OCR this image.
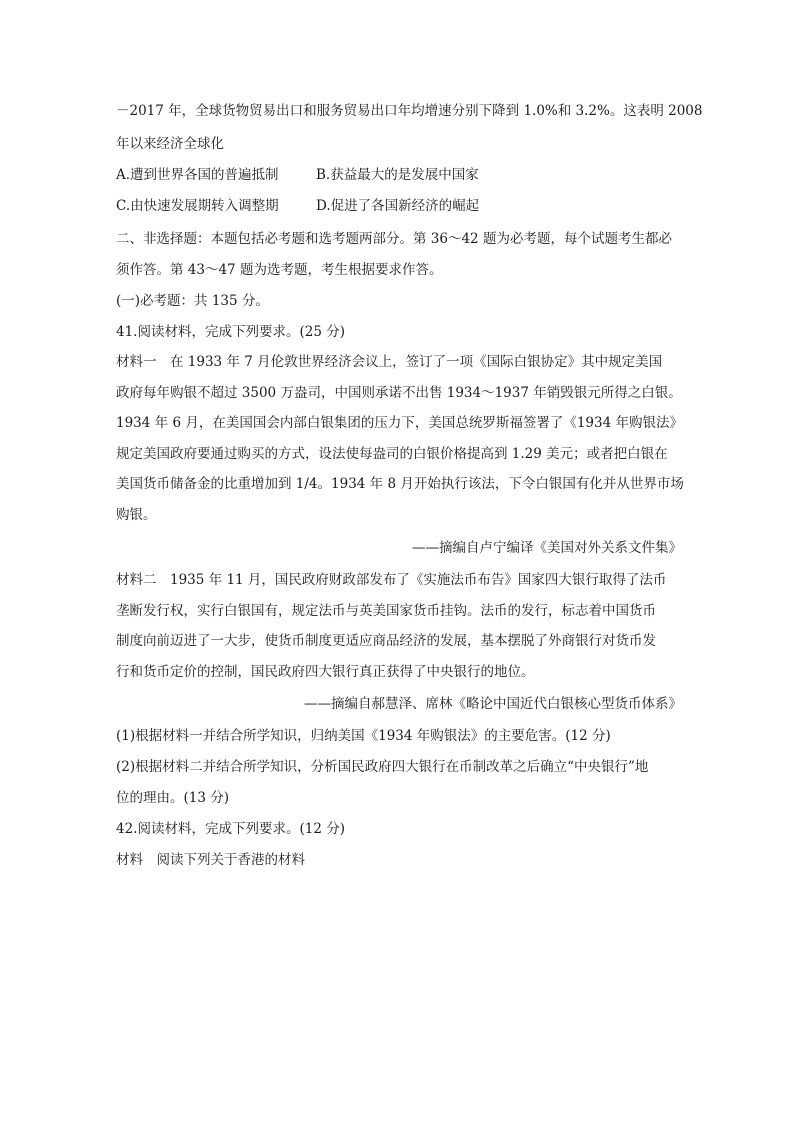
－2017 年，全球货物贸易出口和服务贸易出口年均增速分别下降到 1.0%和 3.2%。这表明 2008
年以来经济全球化
A.遭到世界各国的普遍抵制	B.获益最大的是发展中国家
C.由快速发展期转入调整期	D.促进了各国新经济的崛起
二、非选择题：本题包括必考题和选考题两部分。第 36～42 题为必考题，每个试题考生都必
须作答。第 43～47 题为选考题，考生根据要求作答。
(一)必考题：共 135 分。
41.阅读材料，完成下列要求。(25 分)
材料一　在 1933 年 7 月伦敦世界经济会议上，签订了一项《国际白银协定》其中规定美国
政府每年购银不超过 3500 万盎司，中国则承诺不出售 1934～1937 年销毁银元所得之白银。
1934 年 6 月，在美国国会内部白银集团的压力下，美国总统罗斯福签署了《1934 年购银法》
规定美国政府要通过购买的方式，设法使每盎司的白银价格提高到 1.29 美元；或者把白银在
美国货币储备金的比重增加到 1/4。1934 年 8 月开始执行该法，下令白银国有化并从世界市场
购银。
——摘编自卢宁编译《美国对外关系文件集》
材料二　1935 年 11 月，国民政府财政部发布了《实施法币布告》国家四大银行取得了法币
垄断发行权，实行白银国有，规定法币与英美国家货币挂钩。法币的发行，标志着中国货币
制度向前迈进了一大步，使货币制度更适应商品经济的发展，基本摆脱了外商银行对货币发
行和货币定价的控制，国民政府四大银行真正获得了中央银行的地位。
——摘编自郝慧泽、席林《略论中国近代白银核心型货币体系》
(1)根据材料一并结合所学知识，归纳美国《1934 年购银法》的主要危害。(12 分)
(2)根据材料二并结合所学知识，分析国民政府四大银行在币制改革之后确立“中央银行”地
位的理由。(13 分)
42.阅读材料，完成下列要求。(12 分)
材料　阅读下列关于香港的材料
